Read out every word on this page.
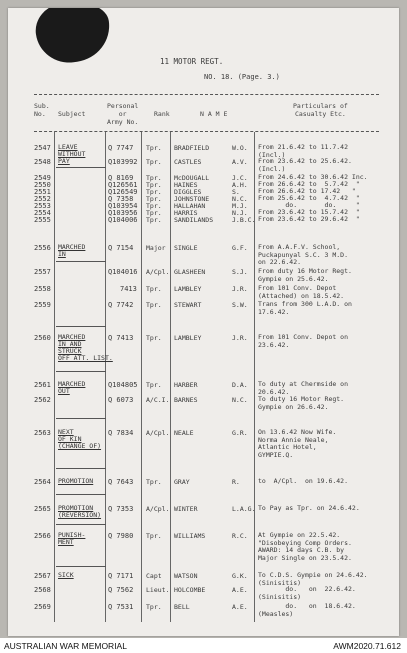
11 MOTOR REGT.
NO. 18. (Page. 3.)
Sub.
No.	Subject
Personal
or
Army No.
Rank	N A M E
Particulars of
Casualty Etc.
2547 LEAVE
WITHOUT
PAY
Q 7747 Tpr. BRADFIELD	W.O. From 21.6.42 to 11.7.42
(Incl.)
2548	Q103992 Tpr. CASTLES	A.V. From 23.6.42 to 25.6.42.
(Incl.)
2549	Q 8169 Tpr. McDOUGALL	J.C. From 24.6.42 to 30.6.42 Inc.
2550	Q126561 Tpr. HAINES	A.H. From 26.6.42 to  5.7.42  "
2551	Q126549 Tpr. DIGGLES	S.	From 26.6.42 to 17.42   "
2552	Q 7358 Tpr. JOHNSTONE	N.C. From 25.6.42 to  4.7.42  "
2553	Q103954 Tpr. HALLAHAN	M.J. do.       do.     "
2554	Q103956 Tpr. HARRIS	N.J. From 23.6.42 to 15.7.42  "
2555	Q104006 Tpr. SANDILANDS	J.B.C. From 23.6.42 to 29.6.42  "
2556 MARCHED
IN
Q 7154 Major SINGLE	G.F. From A.A.F.V. School,
Puckapunyal S.C. 3 M.D.
on 22.6.42.
2557	Q104016 A/Cpl. GLASHEEN	S.J. From duty 16 Motor Regt.
Gympie on 25.6.42.
2558	7413 Tpr. LAMBLEY	J.R. From 101 Conv. Depot
(Attached) on 18.5.42.
2559	Q 7742 Tpr. STEWART	S.W. Trans from 300 L.A.D. on
17.6.42.
2560 MARCHED
IN AND
STRUCK
OFF ATT. LIST.
Q 7413 Tpr. LAMBLEY	J.R. From 101 Conv. Depot on
23.6.42.
2561 MARCHED
OUT
Q104805 Tpr. HARBER	D.A. To duty at Chermside on
20.6.42.
2562	Q 6073 A/C.I. BARNES	N.C. To duty 16 Motor Regt.
Gympie on 26.6.42.
2563 NEXT
OF KIN
(CHANGE OF)
Q 7834 A/Cpl. NEALE	G.R. On 13.6.42 Now Wife.
Norma Annie Neale,
Atlantic Hotel,
GYMPIE.Q.
2564 PROMOTION Q 7643 Tpr. GRAY	R.	to  A/Cpl.  on 19.6.42.
2565 PROMOTION
(REVERSION)
Q 7353 A/Cpl. WINTER	L.A.G. To Pay as Tpr. on 24.6.42.
2566 PUNISH-
MENT
Q 7980 Tpr. WILLIAMS	R.C. At Gympie on 22.5.42.
"Disobeying Comp Orders.
AWARD: 14 days C.B. by
Major Single on 23.5.42.
2567 SICK	Q 7171 Capt WATSON	G.K. To C.D.S. Gympie on 24.6.42.
(Sinisitis)
2568	Q 7562 Lieut. HOLCOMBE	A.E.	do.   on  22.6.42.
(Sinisitis)
2569	Q 7531 Tpr. BELL	A.E.	do.   on  18.6.42.
(Measles)
AUSTRALIAN WAR MEMORIAL	AWM2020.71.612
